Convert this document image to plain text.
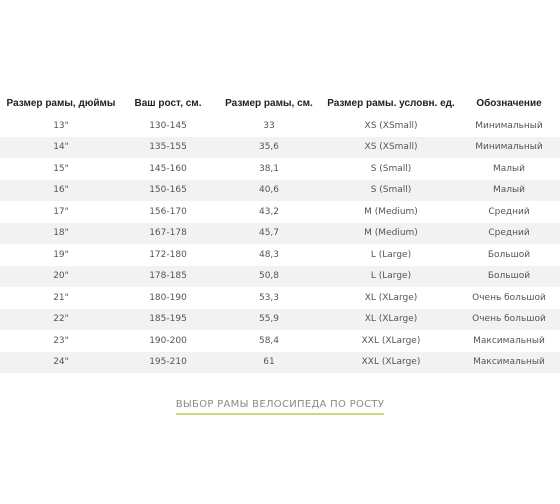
Размер рамы, дюймы	Ваш рост, см.	Размер рамы, см.	Размер рамы. условн. ед.	Обозначение
13"	130-145	33	XS (XSmall)	Минимальный
14"	135-155	35,6	XS (XSmall)	Минимальный
15"	145-160	38,1	S (Small)	Малый
16"	150-165	40,6	S (Small)	Малый
17"	156-170	43,2	M (Medium)	Средний
18"	167-178	45,7	M (Medium)	Средний
19"	172-180	48,3	L (Large)	Большой
20"	178-185	50,8	L (Large)	Большой
21"	180-190	53,3	XL (XLarge)	Очень большой
22"	185-195	55,9	XL (XLarge)	Очень большой
23"	190-200	58,4	XXL (XLarge)	Максимальный
24"	195-210	61	XXL (XLarge)	Максимальный
ВЫБОР РАМЫ ВЕЛОСИПЕДА ПО РОСТУ
